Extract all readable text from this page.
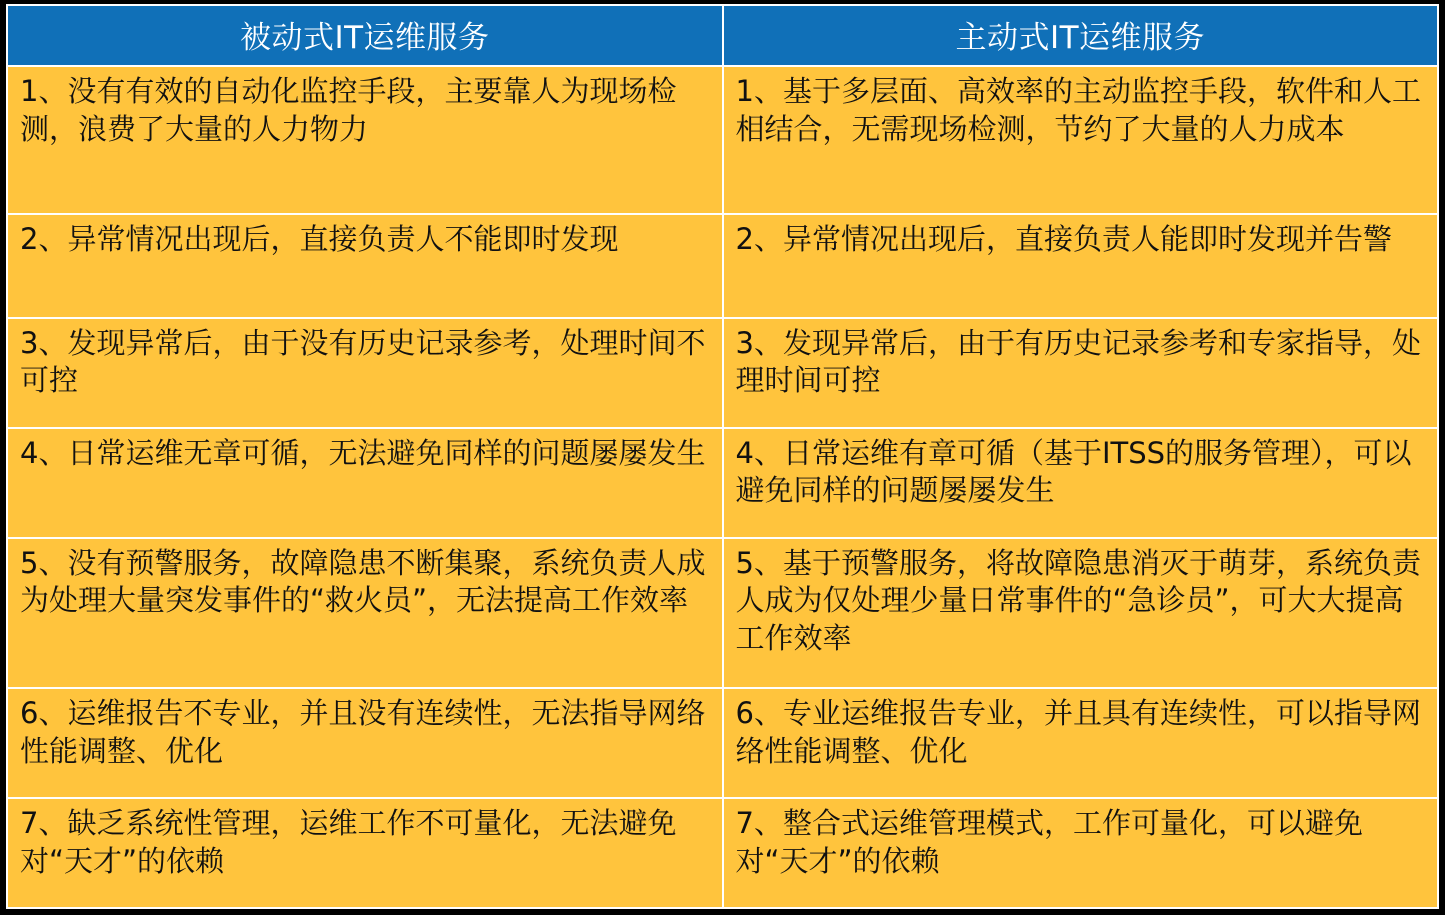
被动式IT运维服务	主动式IT运维服务
1、没有有效的自动化监控手段，主要靠人为现场检测，浪费了大量的人力物力	1、基于多层面、高效率的主动监控手段，软件和人工相结合，无需现场检测，节约了大量的人力成本
2、异常情况出现后，直接负责人不能即时发现	2、异常情况出现后，直接负责人能即时发现并告警
3、发现异常后，由于没有历史记录参考，处理时间不可控	3、发现异常后，由于有历史记录参考和专家指导，处理时间可控
4、日常运维无章可循，无法避免同样的问题屡屡发生	4、日常运维有章可循（基于ITSS的服务管理），可以避免同样的问题屡屡发生
5、没有预警服务，故障隐患不断集聚，系统负责人成为处理大量突发事件的“救火员”，无法提高工作效率	5、基于预警服务，将故障隐患消灭于萌芽，系统负责人成为仅处理少量日常事件的“急诊员”，可大大提高工作效率
6、运维报告不专业，并且没有连续性，无法指导网络性能调整、优化	6、专业运维报告专业，并且具有连续性，可以指导网络性能调整、优化
7、缺乏系统性管理，运维工作不可量化，无法避免对“天才”的依赖	7、整合式运维管理模式，工作可量化，可以避免对“天才”的依赖
